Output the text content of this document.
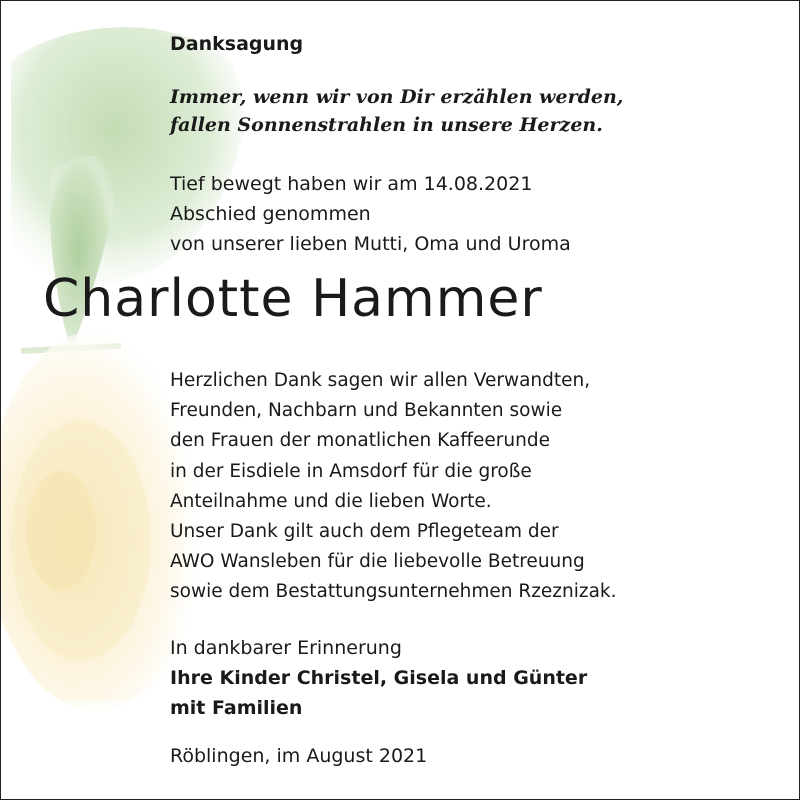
Danksagung

Immer, wenn wir von Dir erzählen werden,
fallen Sonnenstrahlen in unsere Herzen.

Tief bewegt haben wir am 14.08.2021
Abschied genommen
von unserer lieben Mutti, Oma und Uroma

Charlotte Hammer

Herzlichen Dank sagen wir allen Verwandten,
Freunden, Nachbarn und Bekannten sowie
den Frauen der monatlichen Kaffeerunde
in der Eisdiele in Amsdorf für die große
Anteilnahme und die lieben Worte.
Unser Dank gilt auch dem Pflegeteam der
AWO Wansleben für die liebevolle Betreuung
sowie dem Bestattungsunternehmen Rzeznizak.

In dankbarer Erinnerung
Ihre Kinder Christel, Gisela und Günter
mit Familien

Röblingen, im August 2021
